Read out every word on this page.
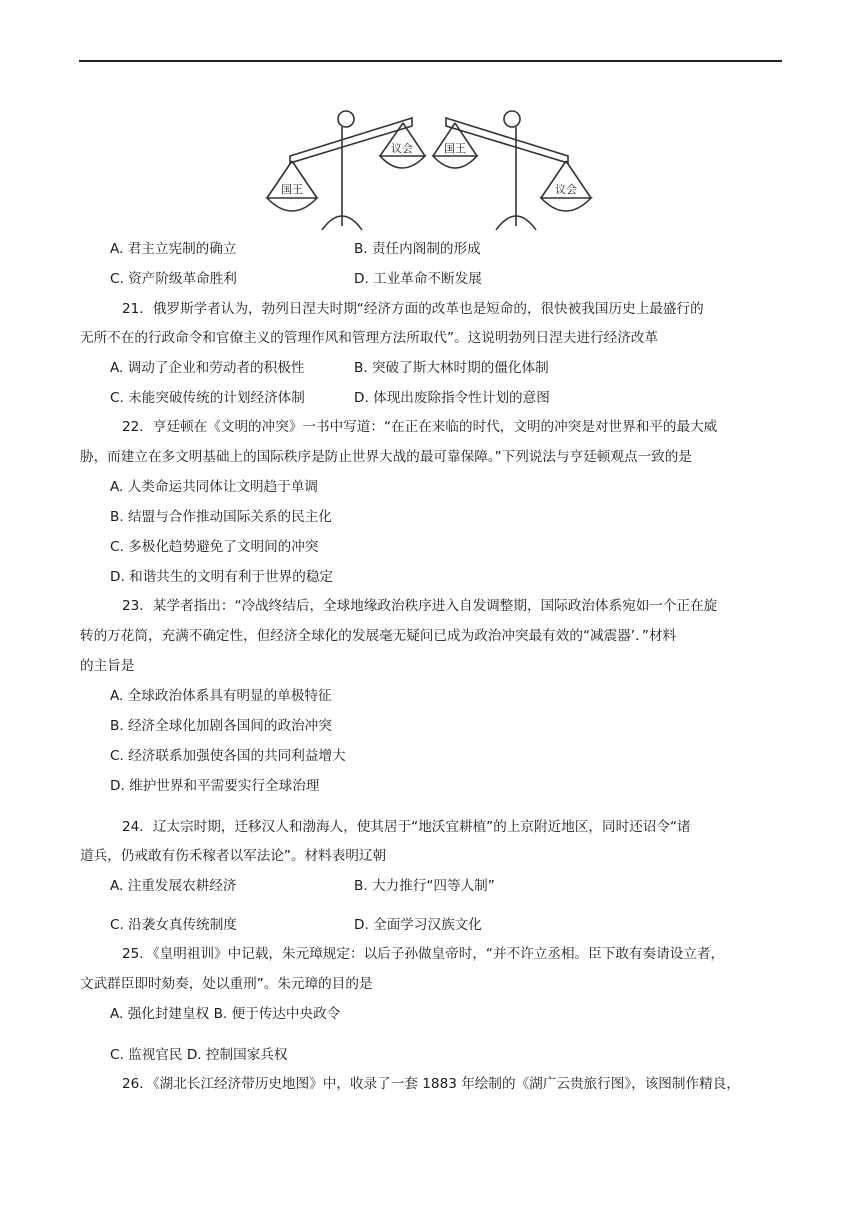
国王
议会	国王
议会
A. 君主立宪制的确立	B. 责任内阁制的形成
C. 资产阶级革命胜利	D. 工业革命不断发展
21．俄罗斯学者认为，勃列日涅夫时期“经济方面的改革也是短命的，很快被我国历史上最盛行的
无所不在的行政命令和官僚主义的管理作风和管理方法所取代”。这说明勃列日涅夫进行经济改革
A. 调动了企业和劳动者的积极性	B. 突破了斯大林时期的僵化体制
C. 未能突破传统的计划经济体制	D. 体现出废除指令性计划的意图
22．亨廷顿在《文明的冲突》一书中写道：“在正在来临的时代，文明的冲突是对世界和平的最大威
胁，而建立在多文明基础上的国际秩序是防止世界大战的最可靠保障。”下列说法与亨廷顿观点一致的是
A. 人类命运共同体让文明趋于单调
B. 结盟与合作推动国际关系的民主化
C. 多极化趋势避免了文明间的冲突
D. 和谐共生的文明有利于世界的稳定
23．某学者指出：“冷战终结后，全球地缘政治秩序进入自发调整期，国际政治体系宛如一个正在旋
转的万花筒，充满不确定性，但经济全球化的发展毫无疑问已成为政治冲突最有效的“减震器’．”材料
的主旨是
A. 全球政治体系具有明显的单极特征
B. 经济全球化加剧各国间的政治冲突
C. 经济联系加强使各国的共同利益增大
D. 维护世界和平需要实行全球治理
24．辽太宗时期，迁移汉人和渤海人，使其居于“地沃宜耕植”的上京附近地区，同时还诏令“诸
道兵，仍戒敢有伤禾稼者以军法论”。材料表明辽朝
A. 注重发展农耕经济	B. 大力推行“四等人制”
C. 沿袭女真传统制度	D. 全面学习汉族文化
25．《皇明祖训》中记载，朱元璋规定：以后子孙做皇帝时，“并不许立丞相。臣下敢有奏请设立者，
文武群臣即时劾奏，处以重刑”。朱元璋的目的是
A. 强化封建皇权 B. 便于传达中央政令
C. 监视官民 D. 控制国家兵权
26．《湖北长江经济带历史地图》中，收录了一套 1883 年绘制的《湖广云贵旅行图》，该图制作精良，
